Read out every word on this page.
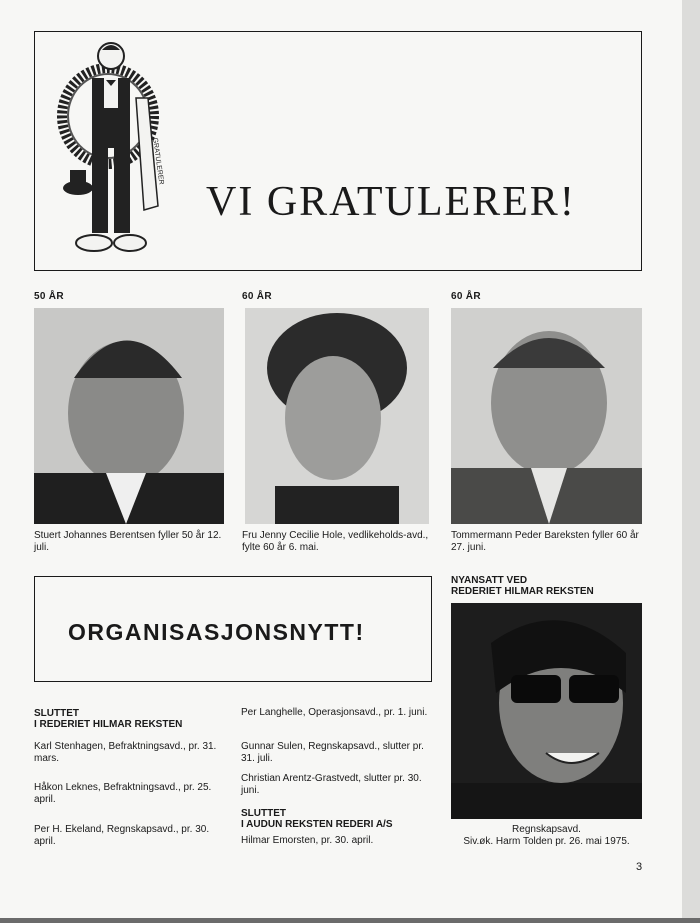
GRATULERER
VI GRATULERER!
50 ÅR	60 ÅR	60 ÅR
Stuert Johannes Berentsen fyller 50 år 12. juli.
Fru Jenny Cecilie Hole, vedlikeholds-avd., fylte 60 år 6. mai.
Tommermann Peder Bareksten fyller 60 år 27. juni.
ORGANISASJONSNYTT!
SLUTTET
I REDERIET HILMAR REKSTEN
Karl Stenhagen, Befraktningsavd., pr. 31. mars.
Håkon Leknes, Befraktningsavd., pr. 25. april.
Per H. Ekeland, Regnskapsavd., pr. 30. april.
Per Langhelle, Operasjonsavd., pr. 1. juni.
Gunnar Sulen, Regnskapsavd., slutter pr. 31. juli.
Christian Arentz-Grastvedt, slutter pr. 30. juni.
SLUTTET
I AUDUN REKSTEN REDERI A/S
Hilmar Emorsten, pr. 30. april.
NYANSATT VED
REDERIET HILMAR REKSTEN
Regnskapsavd.
Siv.øk. Harm Tolden pr. 26. mai 1975.
3
